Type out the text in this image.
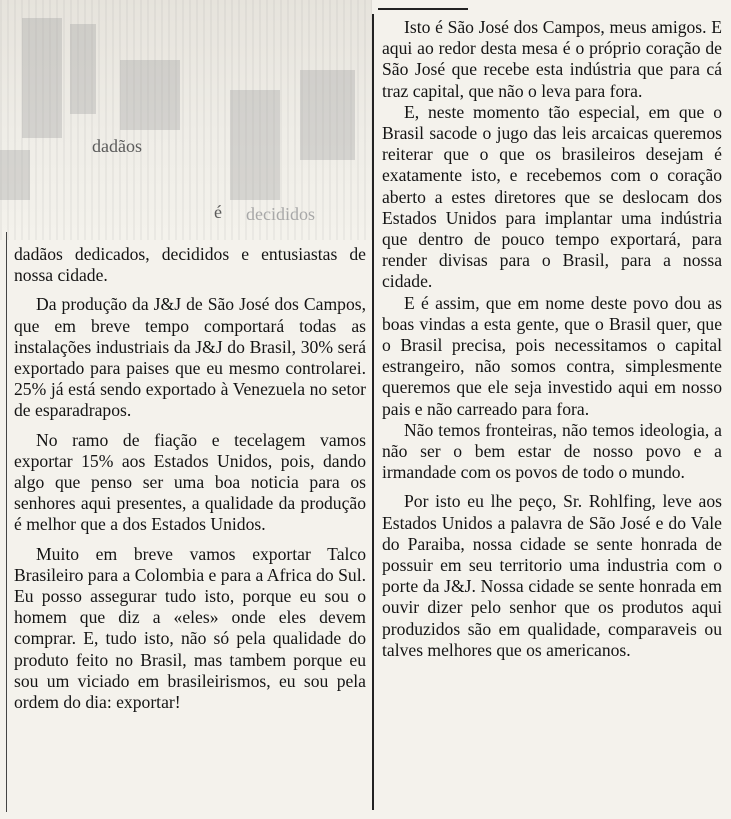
dadãos
é decididos

dadãos dedicados, decididos e entusiastas de nossa cidade.

Da produção da J&J de São José dos Campos, que em breve tempo comportará todas as instalações industriais da J&J do Brasil, 30% será exportado para paises que eu mesmo controlarei. 25% já está sendo exportado à Venezuela no setor de esparadrapos.

No ramo de fiação e tecelagem vamos exportar 15% aos Estados Unidos, pois, dando algo que penso ser uma boa noticia para os senhores aqui presentes, a qualidade da produção é melhor que a dos Estados Unidos.

Muito em breve vamos exportar Talco Brasileiro para a Colombia e para a Africa do Sul. Eu posso assegurar tudo isto, porque eu sou o homem que diz a «eles» onde eles devem comprar. E, tudo isto, não só pela qualidade do produto feito no Brasil, mas tambem porque eu sou um viciado em brasileirismos, eu sou pela ordem do dia: exportar!

Isto é São José dos Campos, meus amigos. E aqui ao redor desta mesa é o próprio coração de São José que recebe esta indústria que para cá traz capital, que não o leva para fora.

E, neste momento tão especial, em que o Brasil sacode o jugo das leis arcaicas queremos reiterar que o que os brasileiros desejam é exatamente isto, e recebemos com o coração aberto a estes diretores que se deslocam dos Estados Unidos para implantar uma indústria que dentro de pouco tempo exportará, para render divisas para o Brasil, para a nossa cidade.

E é assim, que em nome deste povo dou as boas vindas a esta gente, que o Brasil quer, que o Brasil precisa, pois necessitamos o capital estrangeiro, não somos contra, simplesmente queremos que ele seja investido aqui em nosso pais e não carreado para fora.

Não temos fronteiras, não temos ideologia, a não ser o bem estar de nosso povo e a irmandade com os povos de todo o mundo.

Por isto eu lhe peço, Sr. Rohlfing, leve aos Estados Unidos a palavra de São José e do Vale do Paraiba, nossa cidade se sente honrada de possuir em seu territorio uma industria com o porte da J&J. Nossa cidade se sente honrada em ouvir dizer pelo senhor que os produtos aqui produzidos são em qualidade, comparaveis ou talves melhores que os americanos.
